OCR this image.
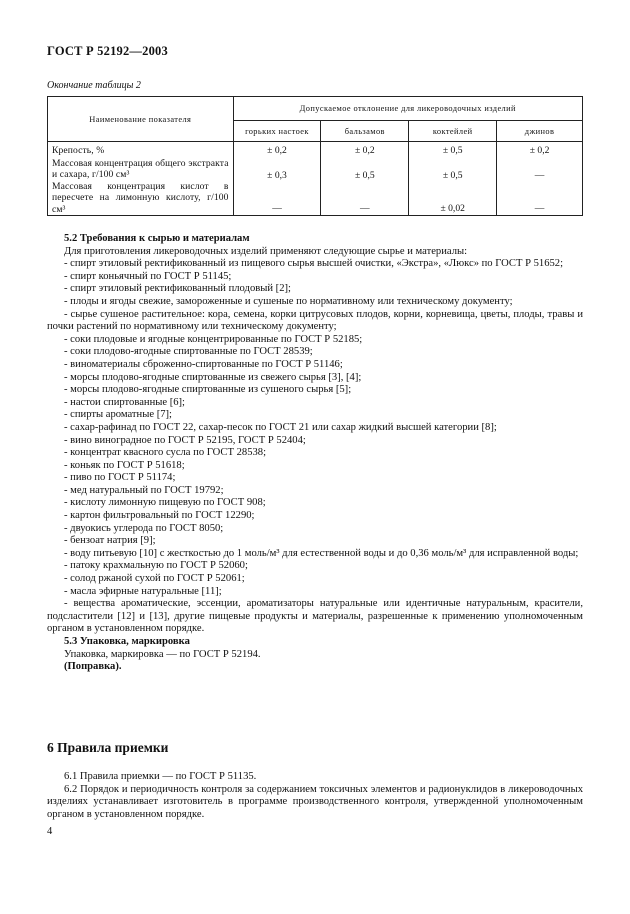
ГОСТ Р 52192—2003
Окончание таблицы 2
Наименование показателя	Допускаемое отклонение для ликероводочных изделий			
	горьких настоек	бальзамов	коктейлей	джинов
Крепость, %	± 0,2	± 0,2	± 0,5	± 0,2
Массовая концентрация общего экстракта и сахара, г/100 см³	± 0,3	± 0,5	± 0,5	—
Массовая концентрация кислот в пересчете на лимонную кислоту, г/100 см³	—	—	± 0,02	—

5.2 Требования к сырью и материалам

Для приготовления ликероводочных изделий применяют следующие сырье и материалы:

- спирт этиловый ректификованный из пищевого сырья высшей очистки, «Экстра», «Люкс» по ГОСТ Р 51652;

- спирт коньячный по ГОСТ Р 51145;

- спирт этиловый ректификованный плодовый [2];

- плоды и ягоды свежие, замороженные и сушеные по нормативному или техническому документу;

- сырье сушеное растительное: кора, семена, корки цитрусовых плодов, корни, корневища, цветы, плоды, травы и почки растений по нормативному или техническому документу;

- соки плодовые и ягодные концентрированные по ГОСТ Р 52185;

- соки плодово-ягодные спиртованные по ГОСТ 28539;

- виноматериалы сброженно-спиртованные по ГОСТ Р 51146;

- морсы плодово-ягодные спиртованные из свежего сырья [3], [4];

- морсы плодово-ягодные спиртованные из сушеного сырья [5];

- настои спиртованные [6];

- спирты ароматные [7];

- сахар-рафинад по ГОСТ 22, сахар-песок по ГОСТ 21 или сахар жидкий высшей категории [8];

- вино виноградное по ГОСТ Р 52195, ГОСТ Р 52404;

- концентрат квасного сусла по ГОСТ 28538;

- коньяк по ГОСТ Р 51618;

- пиво по ГОСТ Р 51174;

- мед натуральный по ГОСТ 19792;

- кислоту лимонную пищевую по ГОСТ 908;

- картон фильтровальный по ГОСТ 12290;

- двуокись углерода по ГОСТ 8050;

- бензоат натрия [9];

- воду питьевую [10] с жесткостью до 1 моль/м³ для естественной воды и до 0,36 моль/м³ для исправленной воды;

- патоку крахмальную по ГОСТ Р 52060;

- солод ржаной сухой по ГОСТ Р 52061;

- масла эфирные натуральные [11];

- вещества ароматические, эссенции, ароматизаторы натуральные или идентичные натуральным, красители, подсластители [12] и [13], другие пищевые продукты и материалы, разрешенные к применению уполномоченным органом в установленном порядке.

5.3 Упаковка, маркировка

Упаковка, маркировка — по ГОСТ Р 52194.

(Поправка).

6 Правила приемки

6.1 Правила приемки — по ГОСТ Р 51135.

6.2 Порядок и периодичность контроля за содержанием токсичных элементов и радионуклидов в ликероводочных изделиях устанавливает изготовитель в программе производственного контроля, утвержденной уполномоченным органом в установленном порядке.

4
